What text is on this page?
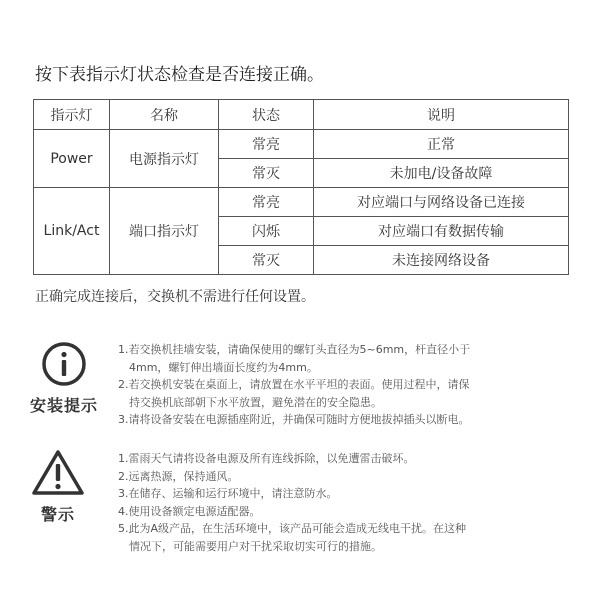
按下表指示灯状态检查是否连接正确。
指示灯	名称	状态	说明
Power	电源指示灯	常亮	正常
		常灭	未加电/设备故障
Link/Act	端口指示灯	常亮	对应端口与网络设备已连接
		闪烁	对应端口有数据传输
		常灭	未连接网络设备
正确完成连接后，交换机不需进行任何设置。
安装提示
1.若交换机挂墙安装，请确保使用的螺钉头直径为5~6mm，杆直径小于
4mm，螺钉伸出墙面长度约为4mm。
2.若交换机安装在桌面上，请放置在水平平坦的表面。使用过程中，请保
持交换机底部朝下水平放置，避免潜在的安全隐患。
3.请将设备安装在电源插座附近，并确保可随时方便地拔掉插头以断电。
警示
1.雷雨天气请将设备电源及所有连线拆除，以免遭雷击破坏。
2.远离热源，保持通风。
3.在储存、运输和运行环境中，请注意防水。
4.使用设备额定电源适配器。
5.此为A级产品，在生活环境中，该产品可能会造成无线电干扰。在这种
情况下，可能需要用户对干扰采取切实可行的措施。
